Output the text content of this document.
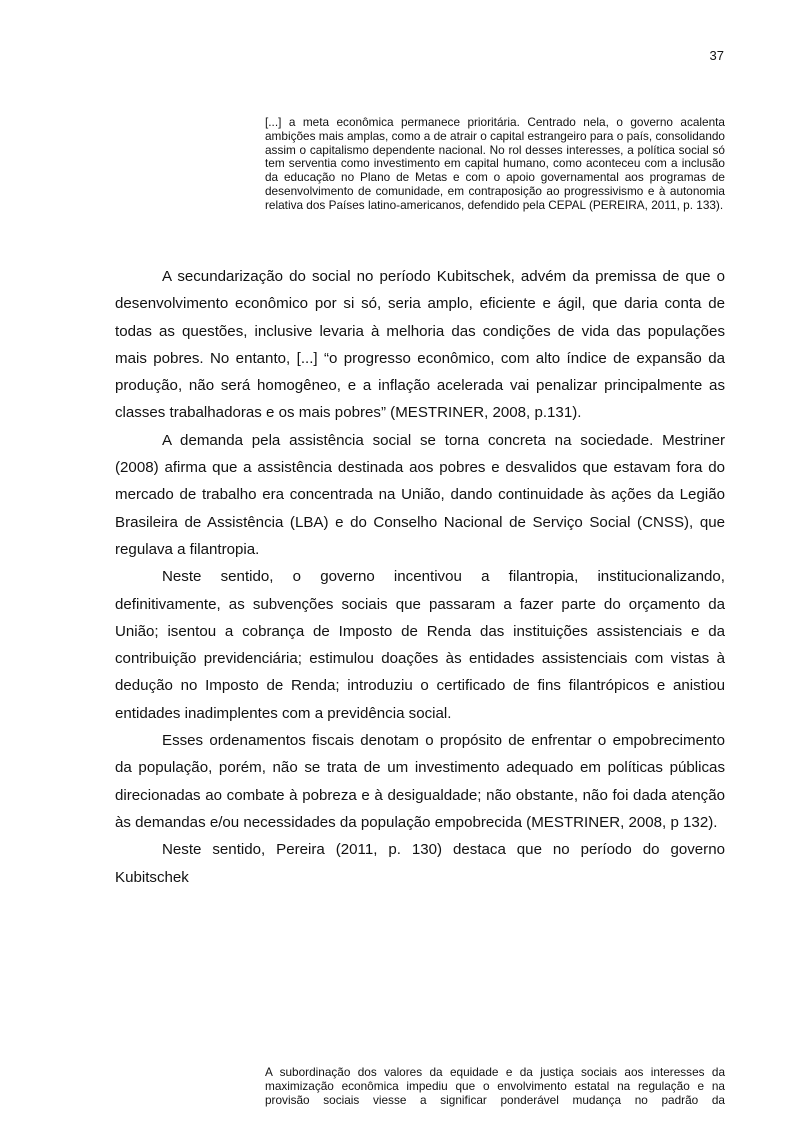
37

[...] a meta econômica permanece prioritária. Centrado nela, o governo acalenta ambições mais amplas, como a de atrair o capital estrangeiro para o país, consolidando assim o capitalismo dependente nacional. No rol desses interesses, a política social só tem serventia como investimento em capital humano, como aconteceu com a inclusão da educação no Plano de Metas e com o apoio governamental aos programas de desenvolvimento de comunidade, em contraposição ao progressivismo e à autonomia relativa dos Países latino-americanos, defendido pela CEPAL (PEREIRA, 2011, p. 133).

A secundarização do social no período Kubitschek, advém da premissa de que o desenvolvimento econômico por si só, seria amplo, eficiente e ágil, que daria conta de todas as questões, inclusive levaria à melhoria das condições de vida das populações mais pobres. No entanto, [...] “o progresso econômico, com alto índice de expansão da produção, não será homogêneo, e a inflação acelerada vai penalizar principalmente as classes trabalhadoras e os mais pobres” (MESTRINER, 2008, p.131).

A demanda pela assistência social se torna concreta na sociedade. Mestriner (2008) afirma que a assistência destinada aos pobres e desvalidos que estavam fora do mercado de trabalho era concentrada na União, dando continuidade às ações da Legião Brasileira de Assistência (LBA) e do Conselho Nacional de Serviço Social (CNSS), que regulava a filantropia.

Neste sentido, o governo incentivou a filantropia, institucionalizando, definitivamente, as subvenções sociais que passaram a fazer parte do orçamento da União; isentou a cobrança de Imposto de Renda das instituições assistenciais e da contribuição previdenciária; estimulou doações às entidades assistenciais com vistas à dedução no Imposto de Renda; introduziu o certificado de fins filantrópicos e anistiou entidades inadimplentes com a previdência social.

Esses ordenamentos fiscais denotam o propósito de enfrentar o empobrecimento da população, porém, não se trata de um investimento adequado em políticas públicas direcionadas ao combate à pobreza e à desigualdade; não obstante, não foi dada atenção às demandas e/ou necessidades da população empobrecida (MESTRINER, 2008, p 132).

Neste sentido, Pereira (2011, p. 130) destaca que no período do governo Kubitschek

A subordinação dos valores da equidade e da justiça sociais aos interesses da maximização econômica impediu que o envolvimento estatal na regulação e na provisão sociais viesse a significar ponderável mudança no padrão da
